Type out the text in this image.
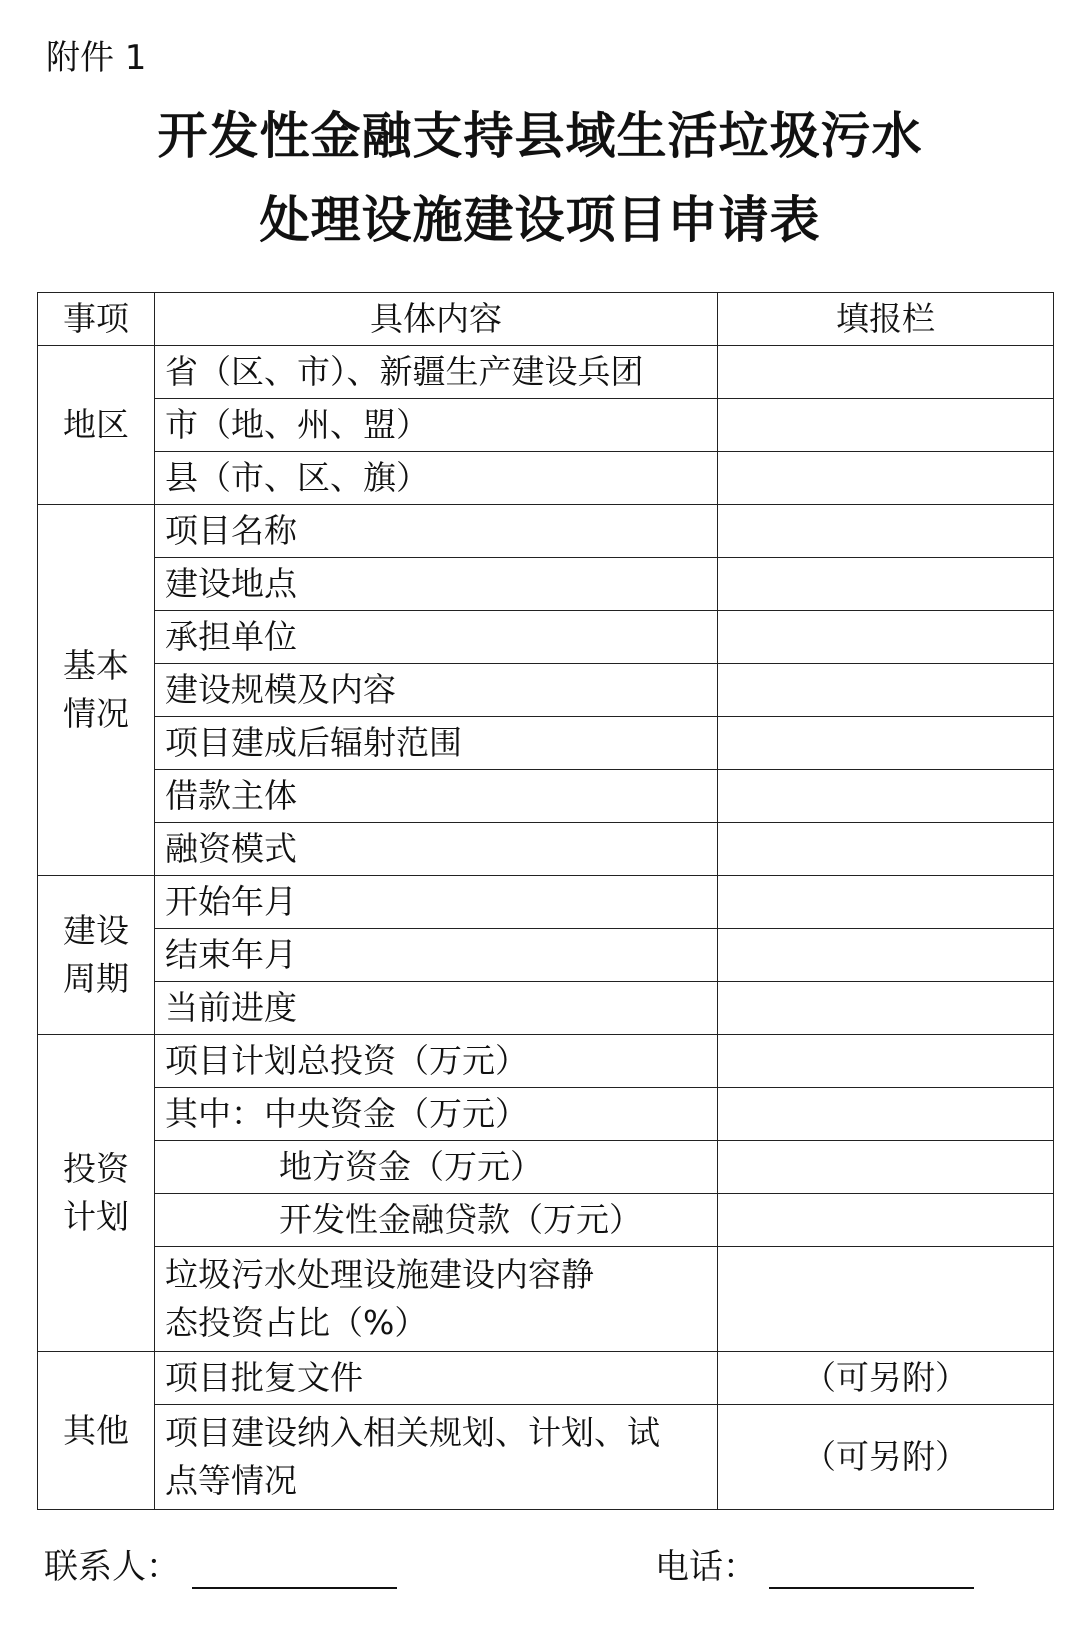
附件 1
开发性金融支持县域生活垃圾污水
处理设施建设项目申请表
事项	具体内容	填报栏
地区	省（区、市）、新疆生产建设兵团	
	市（地、州、盟）	
	县（市、区、旗）	
基本情况	项目名称	
	建设地点	
	承担单位	
	建设规模及内容	
	项目建成后辐射范围	
	借款主体	
	融资模式	
建设周期	开始年月	
	结束年月	
	当前进度	
投资计划	项目计划总投资（万元）	
	其中：中央资金（万元）	
	地方资金（万元）	
	开发性金融贷款（万元）	
	垃圾污水处理设施建设内容静态投资占比（%）	
其他	项目批复文件	（可另附）
	项目建设纳入相关规划、计划、试点等情况	（可另附）
联系人：	电话：
